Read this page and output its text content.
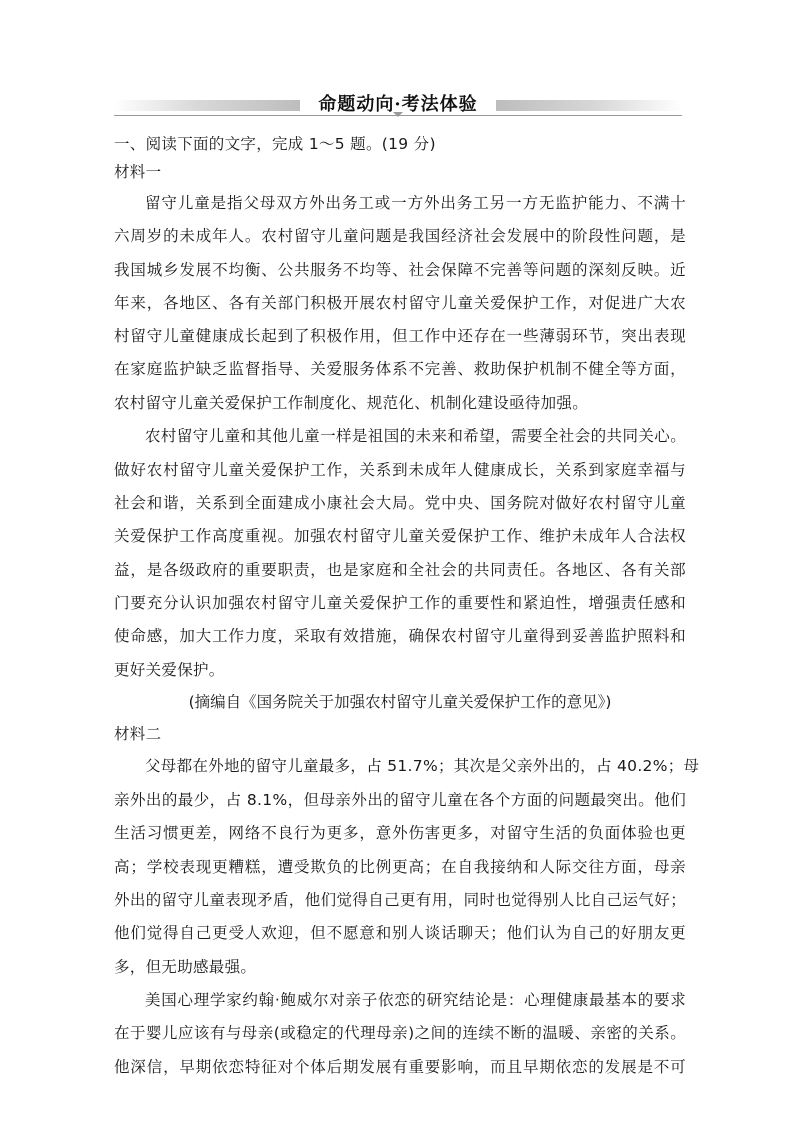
命题动向·考法体验
一、阅读下面的文字，完成 1～5 题。(19 分)
材料一
留守儿童是指父母双方外出务工或一方外出务工另一方无监护能力、不满十
六周岁的未成年人。农村留守儿童问题是我国经济社会发展中的阶段性问题，是
我国城乡发展不均衡、公共服务不均等、社会保障不完善等问题的深刻反映。近
年来，各地区、各有关部门积极开展农村留守儿童关爱保护工作，对促进广大农
村留守儿童健康成长起到了积极作用，但工作中还存在一些薄弱环节，突出表现
在家庭监护缺乏监督指导、关爱服务体系不完善、救助保护机制不健全等方面，
农村留守儿童关爱保护工作制度化、规范化、机制化建设亟待加强。
农村留守儿童和其他儿童一样是祖国的未来和希望，需要全社会的共同关心。
做好农村留守儿童关爱保护工作，关系到未成年人健康成长，关系到家庭幸福与
社会和谐，关系到全面建成小康社会大局。党中央、国务院对做好农村留守儿童
关爱保护工作高度重视。加强农村留守儿童关爱保护工作、维护未成年人合法权
益，是各级政府的重要职责，也是家庭和全社会的共同责任。各地区、各有关部
门要充分认识加强农村留守儿童关爱保护工作的重要性和紧迫性，增强责任感和
使命感，加大工作力度，采取有效措施，确保农村留守儿童得到妥善监护照料和
更好关爱保护。
(摘编自《国务院关于加强农村留守儿童关爱保护工作的意见》)
材料二
父母都在外地的留守儿童最多，占 51.7%；其次是父亲外出的，占 40.2%；母
亲外出的最少，占 8.1%，但母亲外出的留守儿童在各个方面的问题最突出。他们
生活习惯更差，网络不良行为更多，意外伤害更多，对留守生活的负面体验也更
高；学校表现更糟糕，遭受欺负的比例更高；在自我接纳和人际交往方面，母亲
外出的留守儿童表现矛盾，他们觉得自己更有用，同时也觉得别人比自己运气好；
他们觉得自己更受人欢迎，但不愿意和别人谈话聊天；他们认为自己的好朋友更
多，但无助感最强。
美国心理学家约翰·鲍威尔对亲子依恋的研究结论是：心理健康最基本的要求
在于婴儿应该有与母亲(或稳定的代理母亲)之间的连续不断的温暖、亲密的关系。
他深信，早期依恋特征对个体后期发展有重要影响，而且早期依恋的发展是不可
